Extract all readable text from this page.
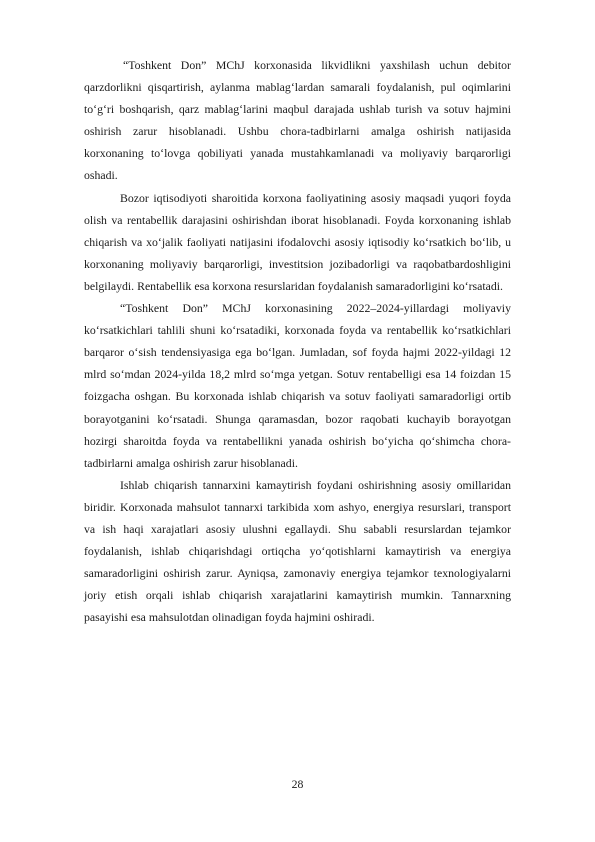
“Toshkent Don” MChJ korxonasida likvidlikni yaxshilash uchun debitor qarzdorlikni qisqartirish, aylanma mablag‘lardan samarali foydalanish, pul oqimlarini to‘g‘ri boshqarish, qarz mablag‘larini maqbul darajada ushlab turish va sotuv hajmini oshirish zarur hisoblanadi. Ushbu chora-tadbirlarni amalga oshirish natijasida korxonaning to‘lovga qobiliyati yanada mustahkamlanadi va moliyaviy barqarorligi oshadi.

Bozor iqtisodiyoti sharoitida korxona faoliyatining asosiy maqsadi yuqori foyda olish va rentabellik darajasini oshirishdan iborat hisoblanadi. Foyda korxonaning ishlab chiqarish va xo‘jalik faoliyati natijasini ifodalovchi asosiy iqtisodiy ko‘rsatkich bo‘lib, u korxonaning moliyaviy barqarorligi, investitsion jozibadorligi va raqobatbardoshligini belgilaydi. Rentabellik esa korxona resurslaridan foydalanish samaradorligini ko‘rsatadi.

“Toshkent Don” MChJ korxonasining 2022–2024-yillardagi moliyaviy ko‘rsatkichlari tahlili shuni ko‘rsatadiki, korxonada foyda va rentabellik ko‘rsatkichlari barqaror o‘sish tendensiyasiga ega bo‘lgan. Jumladan, sof foyda hajmi 2022-yildagi 12 mlrd so‘mdan 2024-yilda 18,2 mlrd so‘mga yetgan. Sotuv rentabelligi esa 14 foizdan 15 foizgacha oshgan. Bu korxonada ishlab chiqarish va sotuv faoliyati samaradorligi ortib borayotganini ko‘rsatadi. Shunga qaramasdan, bozor raqobati kuchayib borayotgan hozirgi sharoitda foyda va rentabellikni yanada oshirish bo‘yicha qo‘shimcha chora-tadbirlarni amalga oshirish zarur hisoblanadi.

Ishlab chiqarish tannarxini kamaytirish foydani oshirishning asosiy omillaridan biridir. Korxonada mahsulot tannarxi tarkibida xom ashyo, energiya resurslari, transport va ish haqi xarajatlari asosiy ulushni egallaydi. Shu sababli resurslardan tejamkor foydalanish, ishlab chiqarishdagi ortiqcha yo‘qotishlarni kamaytirish va energiya samaradorligini oshirish zarur. Ayniqsa, zamonaviy energiya tejamkor texnologiyalarni joriy etish orqali ishlab chiqarish xarajatlarini kamaytirish mumkin. Tannarxning pasayishi esa mahsulotdan olinadigan foyda hajmini oshiradi.

28
